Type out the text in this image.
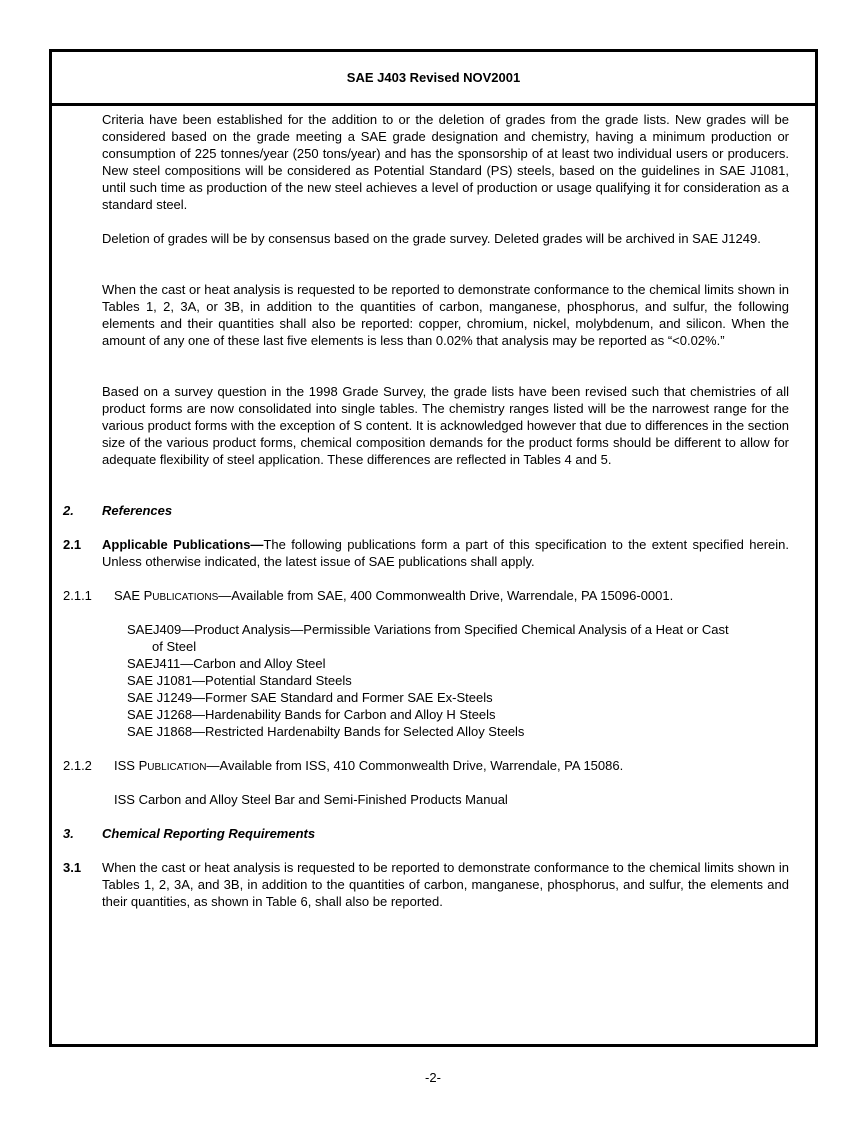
SAE J403 Revised NOV2001
Criteria have been established for the addition to or the deletion of grades from the grade lists. New grades will be considered based on the grade meeting a SAE grade designation and chemistry, having a minimum production or consumption of 225 tonnes/year (250 tons/year) and has the sponsorship of at least two individual users or producers. New steel compositions will be considered as Potential Standard (PS) steels, based on the guidelines in SAE J1081, until such time as production of the new steel achieves a level of production or usage qualifying it for consideration as a standard steel.
Deletion of grades will be by consensus based on the grade survey. Deleted grades will be archived in SAE J1249.
When the cast or heat analysis is requested to be reported to demonstrate conformance to the chemical limits shown in Tables 1, 2, 3A, or 3B, in addition to the quantities of carbon, manganese, phosphorus, and sulfur, the following elements and their quantities shall also be reported: copper, chromium, nickel, molybdenum, and silicon. When the amount of any one of these last five elements is less than 0.02% that analysis may be reported as “<0.02%.”
Based on a survey question in the 1998 Grade Survey, the grade lists have been revised such that chemistries of all product forms are now consolidated into single tables. The chemistry ranges listed will be the narrowest range for the various product forms with the exception of S content. It is acknowledged however that due to differences in the section size of the various product forms, chemical composition demands for the product forms should be different to allow for adequate flexibility of steel application. These differences are reflected in Tables 4 and 5.
2. References
2.1 Applicable Publications—The following publications form a part of this specification to the extent specified herein. Unless otherwise indicated, the latest issue of SAE publications shall apply.
2.1.1 SAE PUBLICATIONS—Available from SAE, 400 Commonwealth Drive, Warrendale, PA 15096-0001.
SAEJ409—Product Analysis—Permissible Variations from Specified Chemical Analysis of a Heat or Cast
of Steel
SAEJ411—Carbon and Alloy Steel
SAE J1081—Potential Standard Steels
SAE J1249—Former SAE Standard and Former SAE Ex-Steels
SAE J1268—Hardenability Bands for Carbon and Alloy H Steels
SAE J1868—Restricted Hardenabilty Bands for Selected Alloy Steels
2.1.2 ISS PUBLICATION—Available from ISS, 410 Commonwealth Drive, Warrendale, PA 15086.
ISS Carbon and Alloy Steel Bar and Semi-Finished Products Manual
3. Chemical Reporting Requirements
3.1 When the cast or heat analysis is requested to be reported to demonstrate conformance to the chemical limits shown in Tables 1, 2, 3A, and 3B, in addition to the quantities of carbon, manganese, phosphorus, and sulfur, the elements and their quantities, as shown in Table 6, shall also be reported.
-2-
